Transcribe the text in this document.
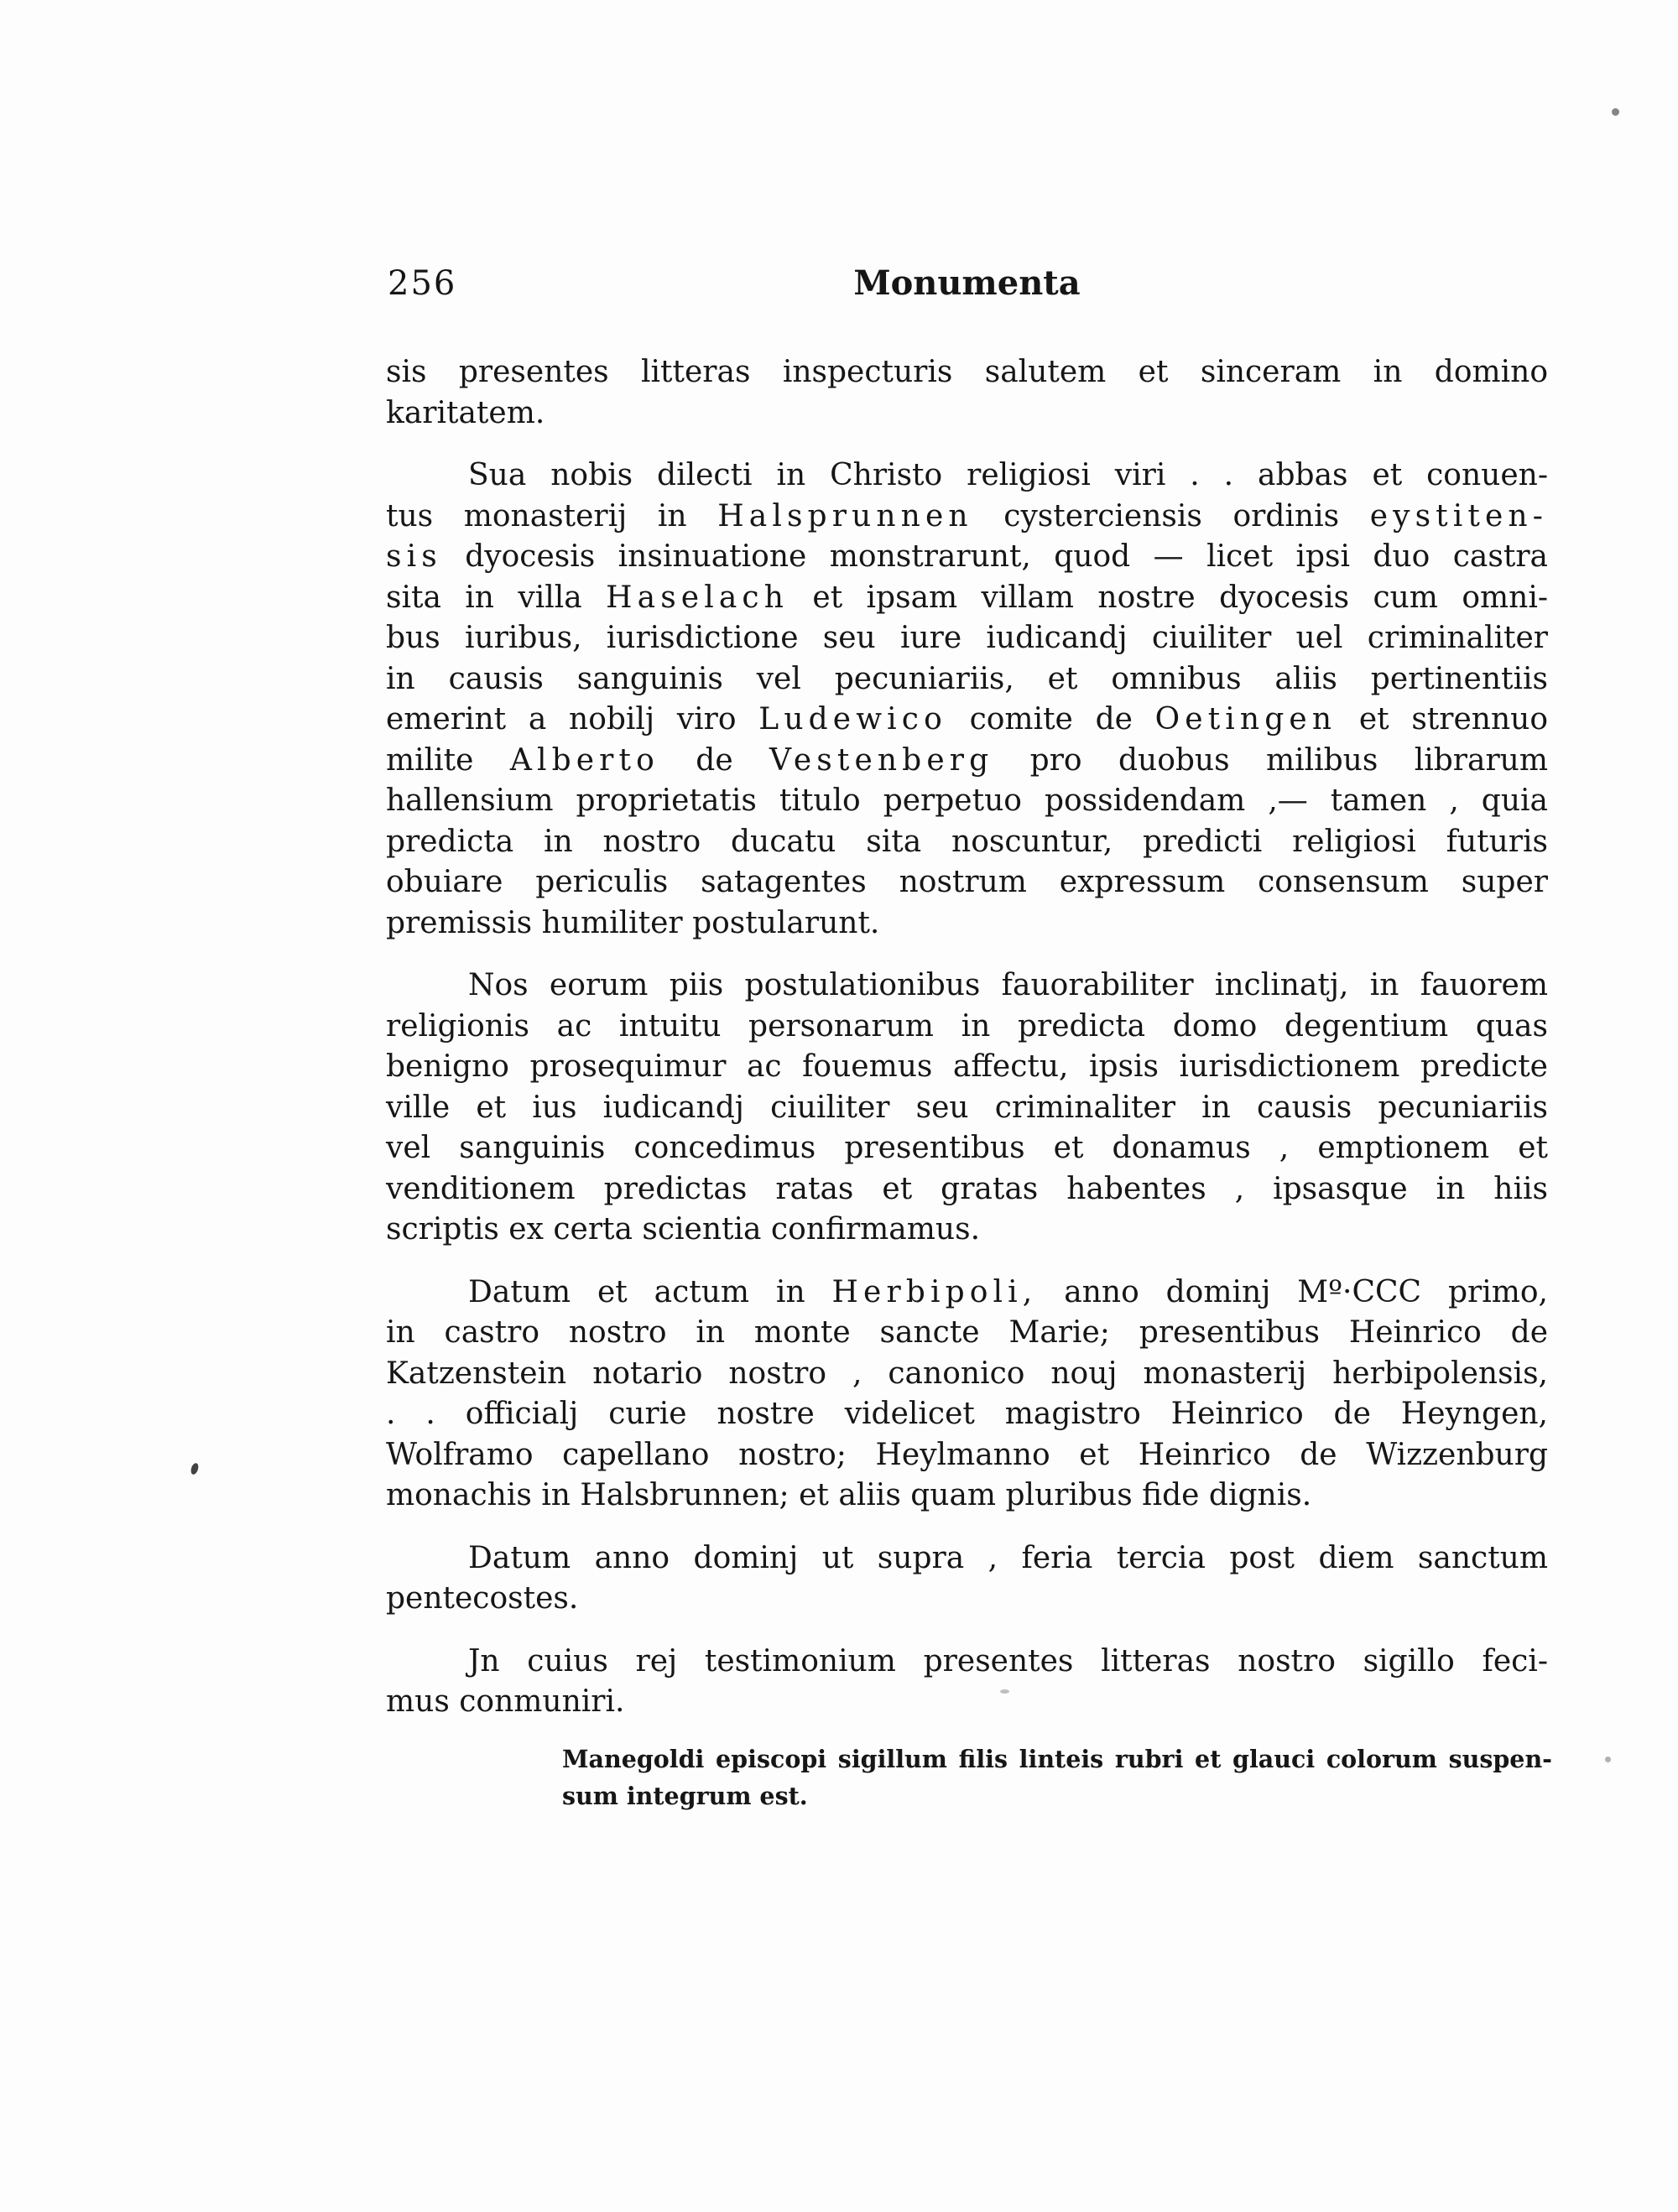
256	Monumenta
sis presentes litteras inspecturis salutem et sinceram in domino
karitatem.
Sua nobis dilecti in Christo religiosi viri . . abbas et conuen-
tus monasterij in Halsprunnen cysterciensis ordinis eystiten-
sis dyocesis insinuatione monstrarunt, quod — licet ipsi duo castra
sita in villa Haselach et ipsam villam nostre dyocesis cum omni-
bus iuribus, iurisdictione seu iure iudicandj ciuiliter uel criminaliter
in causis sanguinis vel pecuniariis, et omnibus aliis pertinentiis
emerint a nobilj viro Ludewico comite de Oetingen et strennuo
milite Alberto de Vestenberg pro duobus milibus librarum
hallensium proprietatis titulo perpetuo possidendam ,— tamen , quia
predicta in nostro ducatu sita noscuntur, predicti religiosi futuris
obuiare periculis satagentes nostrum expressum consensum super
premissis humiliter postularunt.
Nos eorum piis postulationibus fauorabiliter inclinatj, in fauorem
religionis ac intuitu personarum in predicta domo degentium quas
benigno prosequimur ac fouemus affectu, ipsis iurisdictionem predicte
ville et ius iudicandj ciuiliter seu criminaliter in causis pecuniariis
vel sanguinis concedimus presentibus et donamus , emptionem et
venditionem predictas ratas et gratas habentes , ipsasque in hiis
scriptis ex certa scientia confirmamus.
Datum et actum in Herbipoli, anno dominj Mº·CCC primo,
in castro nostro in monte sancte Marie; presentibus Heinrico de
Katzenstein notario nostro , canonico nouj monasterij herbipolensis,
. . officialj curie nostre videlicet magistro Heinrico de Heyngen,
Wolframo capellano nostro; Heylmanno et Heinrico de Wizzenburg
monachis in Halsbrunnen; et aliis quam pluribus fide dignis.
Datum anno dominj ut supra , feria tercia post diem sanctum
pentecostes.
Jn cuius rej testimonium presentes litteras nostro sigillo feci-
mus conmuniri.
Manegoldi episcopi sigillum filis linteis rubri et glauci colorum suspen-
sum integrum est.
